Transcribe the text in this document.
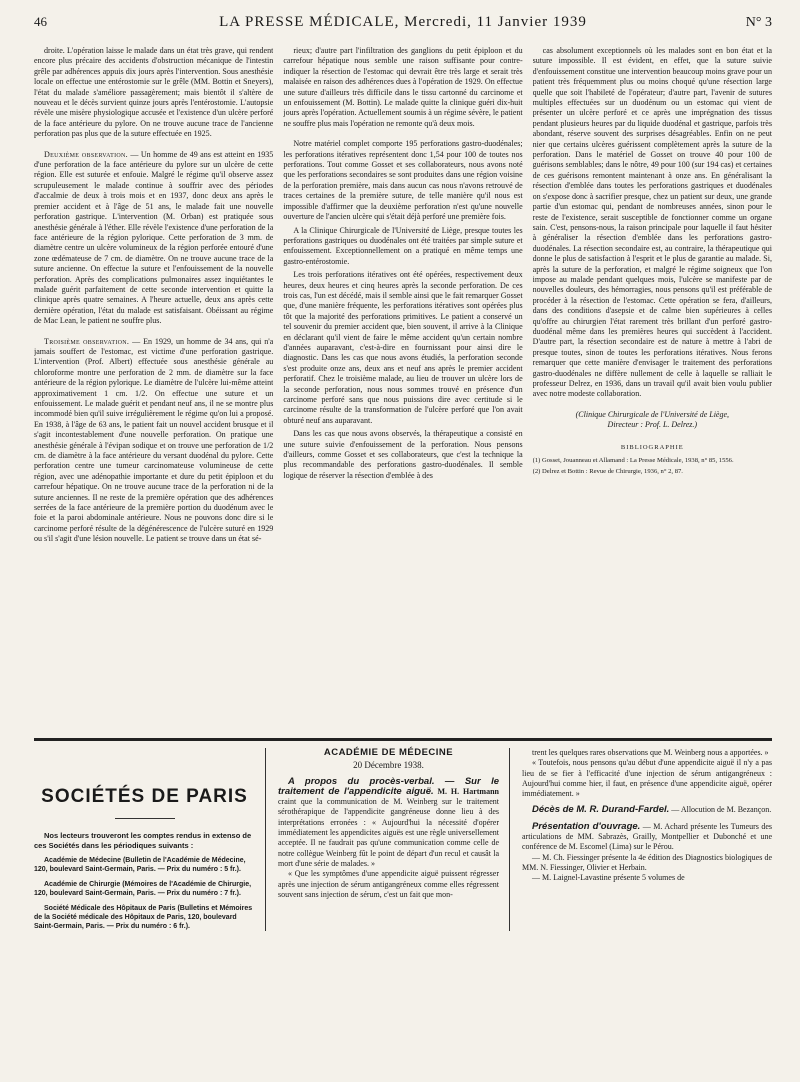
46	LA PRESSE MÉDICALE, Mercredi, 11 Janvier 1939	N° 3

droite. L'opération laisse le malade dans un état très grave, qui rendent encore plus précaire des accidents d'obstruction mécanique de l'intestin grêle par adhérences appuis dix jours après l'intervention. Sous anesthésie locale on effectue une entérostomie sur le grêle (MM. Bottin et Sneyers), l'état du malade s'améliore passagèrement; mais bientôt il s'altère de nouveau et le décès survient quinze jours après l'entérostomie. L'autopsie révèle une misère physiologique accusée et l'existence d'un ulcère perforé de la face antérieure du pylore. On ne trouve aucune trace de l'ancienne perforation pas plus que de la suture effectuée en 1925.

Deuxième observation. — Un homme de 49 ans est atteint en 1935 d'une perforation de la face antérieure du pylore sur un ulcère de cette région. Elle est suturée et enfouie. Malgré le régime qu'il observe assez scrupuleusement le malade continue à souffrir avec des périodes d'accalmie de deux à trois mois et en 1937, donc deux ans après le premier accident et à l'âge de 51 ans, le malade fait une nouvelle perforation gastrique. L'intervention (M. Orban) est pratiquée sous anesthésie générale à l'éther. Elle révèle l'existence d'une perforation de la face antérieure de la région pylorique. Cette perforation de 3 mm. de diamètre centre un ulcère volumineux de la région perforée entouré d'une zone œdémateuse de 7 cm. de diamètre. On ne trouve aucune trace de la suture ancienne. On effectue la suture et l'enfouissement de la nouvelle perforation. Après des complications pulmonaires assez inquiétantes le malade guérit parfaitement de cette seconde intervention et quitte la clinique après quatre semaines. A l'heure actuelle, deux ans après cette dernière opération, l'état du malade est satisfaisant. Obéissant au régime de Mac Lean, le patient ne souffre plus.

Troisième observation. — En 1929, un homme de 34 ans, qui n'a jamais souffert de l'estomac, est victime d'une perforation gastrique. L'intervention (Prof. Albert) effectuée sous anesthésie générale au chloroforme montre une perforation de 2 mm. de diamètre sur la face antérieure de la région pylorique. Le diamètre de l'ulcère lui-même atteint approximativement 1 cm. 1/2. On effectue une suture et un enfouissement. Le malade guérit et pendant neuf ans, il ne se montre plus incommodé bien qu'il suive irrégulièrement le régime qu'on lui a proposé. En 1938, à l'âge de 63 ans, le patient fait un nouvel accident brusque et il s'agit incontestablement d'une nouvelle perforation. On pratique une anesthésie générale à l'évipan sodique et on trouve une perforation de 1/2 cm. de diamètre à la face antérieure du versant duodénal du pylore. Cette perforation centre une tumeur carcinomateuse volumineuse de cette région, avec une adénopathie importante et dure du petit épiploon et du carrefour hépatique. On ne trouve aucune trace de la perforation ni de la suture anciennes. Il ne reste de la première opération que des adhérences serrées de la face antérieure de la première portion du duodénum avec le foie et la paroi abdominale antérieure. Nous ne pouvons donc dire si le carcinome perforé résulte de la dégénérescence de l'ulcère suturé en 1929 ou s'il s'agit d'une lésion nouvelle. Le patient se trouve dans un état sé-

rieux; d'autre part l'infiltration des ganglions du petit épiploon et du carrefour hépatique nous semble une raison suffisante pour contre-indiquer la résection de l'estomac qui devrait être très large et serait très malaisée en raison des adhérences dues à l'opération de 1929. On effectue une suture d'ailleurs très difficile dans le tissu cartonné du carcinome et un enfouissement (M. Bottin). Le malade quitte la clinique guéri dix-huit jours après l'opération. Actuellement soumis à un régime sévère, le patient ne souffre plus mais l'opération ne remonte qu'à deux mois.

Notre matériel complet comporte 195 perforations gastro-duodénales; les perforations itératives représentent donc 1,54 pour 100 de toutes nos perforations. Tout comme Gosset et ses collaborateurs, nous avons noté que les perforations secondaires se sont produites dans une région voisine de la perforation première, mais dans aucun cas nous n'avons retrouvé de traces certaines de la première suture, de telle manière qu'il nous est impossible d'affirmer que la deuxième perforation n'est qu'une nouvelle ouverture de l'ancien ulcère qui s'était déjà perforé une première fois.

A la Clinique Chirurgicale de l'Université de Liège, presque toutes les perforations gastriques ou duodénales ont été traitées par simple suture et enfouissement. Exceptionnellement on a pratiqué en même temps une gastro-entérostomie.

Les trois perforations itératives ont été opérées, respectivement deux heures, deux heures et cinq heures après la seconde perforation. De ces trois cas, l'un est décédé, mais il semble ainsi que le fait remarquer Gosset que, d'une manière fréquente, les perforations itératives sont opérées plus tôt que la majorité des perforations primitives. Le patient a conservé un tel souvenir du premier accident que, bien souvent, il arrive à la Clinique en déclarant qu'il vient de faire le même accident qu'un certain nombre d'années auparavant, c'est-à-dire en fournissant pour ainsi dire le diagnostic. Dans les cas que nous avons étudiés, la perforation seconde s'est produite onze ans, deux ans et neuf ans après le premier accident perforatif. Chez le troisième malade, au lieu de trouver un ulcère lors de la seconde perforation, nous nous sommes trouvé en présence d'un carcinome perforé sans que nous puissions dire avec certitude si le carcinome résulte de la transformation de l'ulcère perforé que l'on avait obturé neuf ans auparavant.

Dans les cas que nous avons observés, la thérapeutique a consisté en une suture suivie d'enfouissement de la perforation. Nous pensons d'ailleurs, comme Gosset et ses collaborateurs, que c'est la technique la plus recommandable des perforations gastro-duodénales. Il semble logique de réserver la résection d'emblée à des

cas absolument exceptionnels où les malades sont en bon état et la suture impossible. Il est évident, en effet, que la suture suivie d'enfouissement constitue une intervention beaucoup moins grave pour un patient très fréquemment plus ou moins choqué qu'une résection large quelle que soit l'habileté de l'opérateur; d'autre part, l'avenir de sutures multiples effectuées sur un duodénum ou un estomac qui vient de présenter un ulcère perforé et ce après une imprégnation des tissus pendant plusieurs heures par du liquide duodénal et gastrique, parfois très abondant, réserve souvent des surprises désagréables. Enfin on ne peut nier que certains ulcères guérissent complètement après la suture de la perforation. Dans le matériel de Gosset on trouve 40 pour 100 de guérisons semblables; dans le nôtre, 49 pour 100 (sur 194 cas) et certaines de ces guérisons remontent maintenant à onze ans. En généralisant la résection d'emblée dans toutes les perforations gastriques et duodénales on s'expose donc à sacrifier presque, chez un patient sur deux, une grande partie d'un estomac qui, pendant de nombreuses années, sinon pour le reste de l'existence, serait susceptible de fonctionner comme un organe sain. C'est, pensons-nous, la raison principale pour laquelle il faut hésiter à généraliser la résection d'emblée dans les perforations gastro-duodénales. La résection secondaire est, au contraire, la thérapeutique qui donne le plus de satisfaction à l'esprit et le plus de garantie au malade. Si, après la suture de la perforation, et malgré le régime soigneux que l'on impose au malade pendant quelques mois, l'ulcère se manifeste par de nouvelles douleurs, des hémorragies, nous pensons qu'il est préférable de procéder à la résection de l'estomac. Cette opération se fera, d'ailleurs, dans des conditions d'asepsie et de calme bien supérieures à celles qu'offre au chirurgien l'état rarement très brillant d'un perforé gastro-duodénal même dans les premières heures qui succèdent à l'accident. D'autre part, la résection secondaire est de nature à mettre à l'abri de presque toutes, sinon de toutes les perforations itératives. Nous ferons remarquer que cette manière d'envisager le traitement des perforations gastro-duodénales ne diffère nullement de celle à laquelle se ralliait le professeur Delrez, en 1936, dans un travail qu'il avait bien voulu publier avec notre modeste collaboration.

(Clinique Chirurgicale de l'Université de Liège,
Directeur : Prof. L. Delrez.)
BIBLIOGRAPHIE

(1) Gosset, Jouanneau et Allamand : La Presse Médicale, 1938, n° 85, 1556.

(2) Delrez et Bottin : Revue de Chirurgie, 1936, n° 2, 87.

SOCIÉTÉS DE PARIS

Nos lecteurs trouveront les comptes rendus in extenso de ces Sociétés dans les périodiques suivants :

Académie de Médecine (Bulletin de l'Académie de Médecine, 120, boulevard Saint-Germain, Paris. — Prix du numéro : 5 fr.).

Académie de Chirurgie (Mémoires de l'Académie de Chirurgie, 120, boulevard Saint-Germain, Paris. — Prix du numéro : 7 fr.).

Société Médicale des Hôpitaux de Paris (Bulletins et Mémoires de la Société médicale des Hôpitaux de Paris, 120, boulevard Saint-Germain, Paris. — Prix du numéro : 6 fr.).

ACADÉMIE DE MÉDECINE
20 Décembre 1938.

A propos du procès-verbal. — Sur le traitement de l'appendicite aiguë. M. H. Hartmann craint que la communication de M. Weinberg sur le traitement sérothérapique de l'appendicite gangréneuse donne lieu à des interprétations erronées : « Aujourd'hui la nécessité d'opérer immédiatement les appendicites aiguës est une règle universellement acceptée. Il ne faudrait pas qu'une communication comme celle de notre collègue Weinberg fût le point de départ d'un recul et causât la mort d'une série de malades. »

« Que les symptômes d'une appendicite aiguë puissent régresser après une injection de sérum antigangréneux comme elles régressent souvent sans injection de sérum, c'est un fait que mon-

trent les quelques rares observations que M. Weinberg nous a apportées. »

« Toutefois, nous pensons qu'au début d'une appendicite aiguë il n'y a pas lieu de se fier à l'efficacité d'une injection de sérum antigangréneux : Aujourd'hui comme hier, il faut, en présence d'une appendicite aiguë, opérer immédiatement. »

Décès de M. R. Durand-Fardel. — Allocution de M. Bezançon.

Présentation d'ouvrage. — M. Achard présente les Tumeurs des articulations de MM. Sabrazès, Grailly, Montpellier et Dubonché et une conférence de M. Escomel (Lima) sur le Pérou.

— M. Ch. Fiessinger présente la 4e édition des Diagnostics biologiques de MM. N. Fiessinger, Olivier et Herbain.

— M. Laignel-Lavastine présente 5 volumes de
